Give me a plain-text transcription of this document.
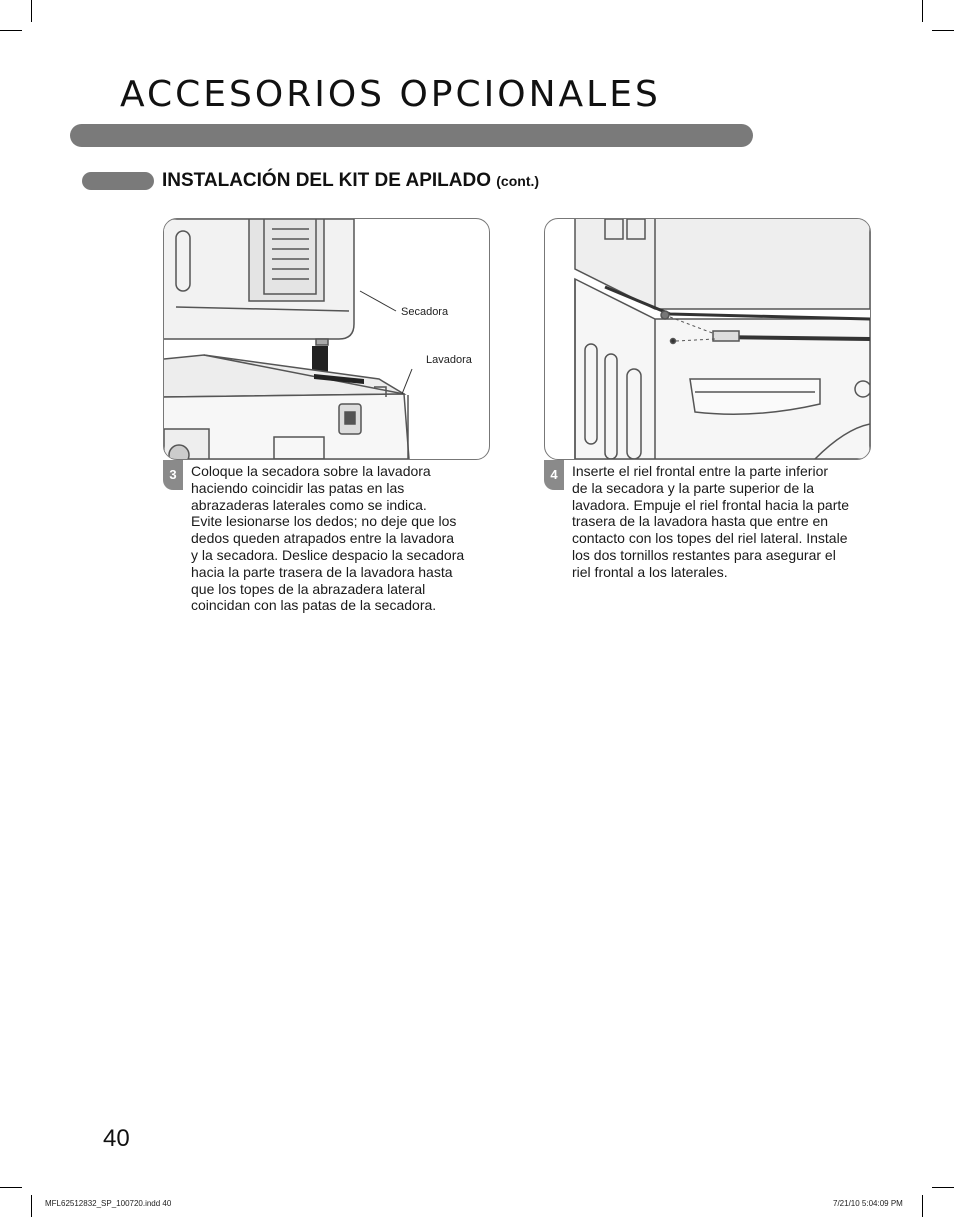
ACCESORIOS OPCIONALES
INSTALACIÓN DEL KIT DE APILADO (cont.)
Secadora
Lavadora
3	Coloque la secadora sobre la lavadora
haciendo coincidir las patas en las
abrazaderas laterales como se indica.
Evite lesionarse los dedos; no deje que los
dedos queden atrapados entre la lavadora
y la secadora. Deslice despacio la secadora
hacia la parte trasera de la lavadora hasta
que los topes de la abrazadera lateral
coincidan con las patas de la secadora.
4	Inserte el riel frontal entre la parte inferior
de la secadora y la parte superior de la
lavadora. Empuje el riel frontal hacia la parte
trasera de la lavadora hasta que entre en
contacto con los topes del riel lateral. Instale
los dos tornillos restantes para asegurar el
riel frontal a los laterales.
40
MFL62512832_SP_100720.indd 40	7/21/10 5:04:09 PM
